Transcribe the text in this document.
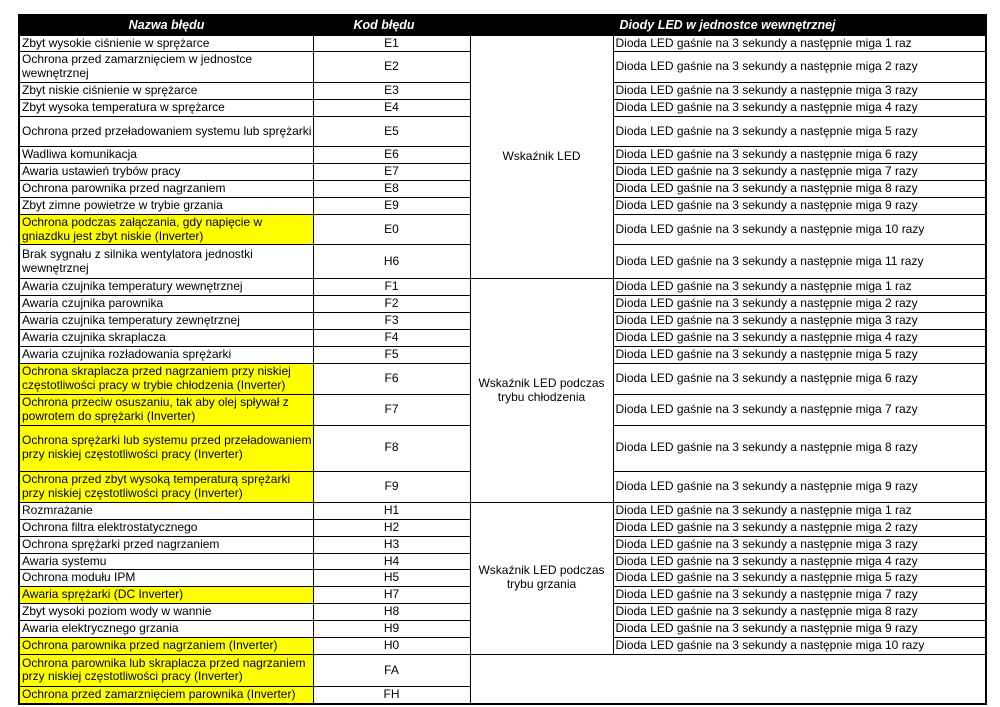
Nazwa błędu	Kod błędu		Diody LED w jednostce wewnętrznej	
Zbyt wysokie ciśnienie w sprężarce	E1		Wskaźnik LED	Dioda LED gaśnie na 3 sekundy a następnie miga 1 raz
Ochrona przed zamarznięciem w jednostce wewnętrznej	E2			Dioda LED gaśnie na 3 sekundy a następnie miga 2 razy
Zbyt niskie ciśnienie w sprężarce	E3			Dioda LED gaśnie na 3 sekundy a następnie miga 3 razy
Zbyt wysoka temperatura w sprężarce	E4			Dioda LED gaśnie na 3 sekundy a następnie miga 4 razy
Ochrona przed przeładowaniem systemu lub sprężarki	E5			Dioda LED gaśnie na 3 sekundy a następnie miga 5 razy
Wadliwa komunikacja	E6			Dioda LED gaśnie na 3 sekundy a następnie miga 6 razy
Awaria ustawień trybów pracy	E7			Dioda LED gaśnie na 3 sekundy a następnie miga 7 razy
Ochrona parownika przed nagrzaniem	E8			Dioda LED gaśnie na 3 sekundy a następnie miga 8 razy
Zbyt zimne powietrze w trybie grzania	E9			Dioda LED gaśnie na 3 sekundy a następnie miga 9 razy
Ochrona podczas załączania, gdy napięcie w gniazdku jest zbyt niskie (Inverter)	E0			Dioda LED gaśnie na 3 sekundy a następnie miga 10 razy
Brak sygnału z silnika wentylatora jednostki wewnętrznej	H6			Dioda LED gaśnie na 3 sekundy a następnie miga 11 razy
Awaria czujnika temperatury wewnętrznej	F1		Wskaźnik LED podczas trybu chłodzenia	Dioda LED gaśnie na 3 sekundy a następnie miga 1 raz
Awaria czujnika parownika	F2			Dioda LED gaśnie na 3 sekundy a następnie miga 2 razy
Awaria czujnika temperatury zewnętrznej	F3			Dioda LED gaśnie na 3 sekundy a następnie miga 3 razy
Awaria czujnika skraplacza	F4			Dioda LED gaśnie na 3 sekundy a następnie miga 4 razy
Awaria czujnika rozładowania sprężarki	F5			Dioda LED gaśnie na 3 sekundy a następnie miga 5 razy
Ochrona skraplacza przed nagrzaniem przy niskiej częstotliwości pracy w trybie chłodzenia (Inverter)	F6			Dioda LED gaśnie na 3 sekundy a następnie miga 6 razy
Ochrona przeciw osuszaniu, tak aby olej spływał z powrotem do sprężarki (Inverter)	F7			Dioda LED gaśnie na 3 sekundy a następnie miga 7 razy
Ochrona sprężarki lub systemu przed przeładowaniem przy niskiej częstotliwości pracy (Inverter)	F8			Dioda LED gaśnie na 3 sekundy a następnie miga 8 razy
Ochrona przed zbyt wysoką temperaturą sprężarki przy niskiej częstotliwości pracy (Inverter)	F9			Dioda LED gaśnie na 3 sekundy a następnie miga 9 razy
Rozmrażanie	H1		Wskaźnik LED podczas trybu grzania	Dioda LED gaśnie na 3 sekundy a następnie miga 1 raz
Ochrona filtra elektrostatycznego	H2			Dioda LED gaśnie na 3 sekundy a następnie miga 2 razy
Ochrona sprężarki przed nagrzaniem	H3			Dioda LED gaśnie na 3 sekundy a następnie miga 3 razy
Awaria systemu	H4			Dioda LED gaśnie na 3 sekundy a następnie miga 4 razy
Ochrona modułu IPM	H5			Dioda LED gaśnie na 3 sekundy a następnie miga 5 razy
Awaria sprężarki (DC Inverter)	H7			Dioda LED gaśnie na 3 sekundy a następnie miga 7 razy
Zbyt wysoki poziom wody w wannie	H8			Dioda LED gaśnie na 3 sekundy a następnie miga 8 razy
Awaria elektrycznego grzania	H9			Dioda LED gaśnie na 3 sekundy a następnie miga 9 razy
Ochrona parownika przed nagrzaniem (Inverter)	H0			Dioda LED gaśnie na 3 sekundy a następnie miga 10 razy
Ochrona parownika lub skraplacza przed nagrzaniem przy niskiej częstotliwości pracy (Inverter)	FA			
Ochrona przed zamarznięciem parownika (Inverter)	FH			
